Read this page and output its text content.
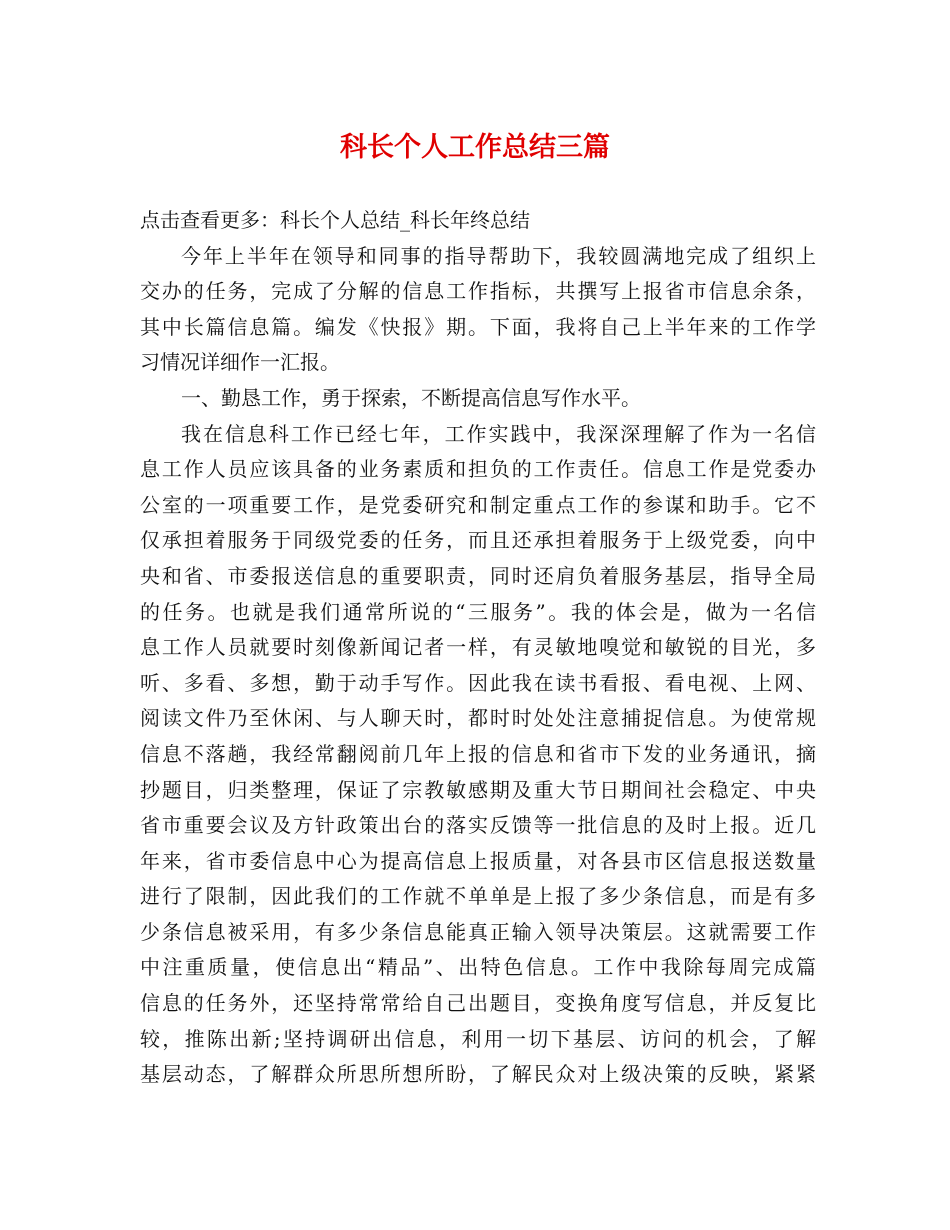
科长个人工作总结三篇
点击查看更多：科长个人总结_科长年终总结
今年上半年在领导和同事的指导帮助下，我较圆满地完成了组织上
交办的任务，完成了分解的信息工作指标，共撰写上报省市信息余条，
其中长篇信息篇。编发《快报》期。下面，我将自己上半年来的工作学
习情况详细作一汇报。
一、勤恳工作，勇于探索，不断提高信息写作水平。
我在信息科工作已经七年，工作实践中，我深深理解了作为一名信
息工作人员应该具备的业务素质和担负的工作责任。信息工作是党委办
公室的一项重要工作，是党委研究和制定重点工作的参谋和助手。它不
仅承担着服务于同级党委的任务，而且还承担着服务于上级党委，向中
央和省、市委报送信息的重要职责，同时还肩负着服务基层，指导全局
的任务。也就是我们通常所说的“三服务”。我的体会是，做为一名信
息工作人员就要时刻像新闻记者一样，有灵敏地嗅觉和敏锐的目光，多
听、多看、多想，勤于动手写作。因此我在读书看报、看电视、上网、
阅读文件乃至休闲、与人聊天时，都时时处处注意捕捉信息。为使常规
信息不落趟，我经常翻阅前几年上报的信息和省市下发的业务通讯，摘
抄题目，归类整理，保证了宗教敏感期及重大节日期间社会稳定、中央
省市重要会议及方针政策出台的落实反馈等一批信息的及时上报。近几
年来，省市委信息中心为提高信息上报质量，对各县市区信息报送数量
进行了限制，因此我们的工作就不单单是上报了多少条信息，而是有多
少条信息被采用，有多少条信息能真正输入领导决策层。这就需要工作
中注重质量，使信息出“精品”、出特色信息。工作中我除每周完成篇
信息的任务外，还坚持常常给自己出题目，变换角度写信息，并反复比
较，推陈出新;坚持调研出信息，利用一切下基层、访问的机会，了解
基层动态，了解群众所思所想所盼，了解民众对上级决策的反映，紧紧
